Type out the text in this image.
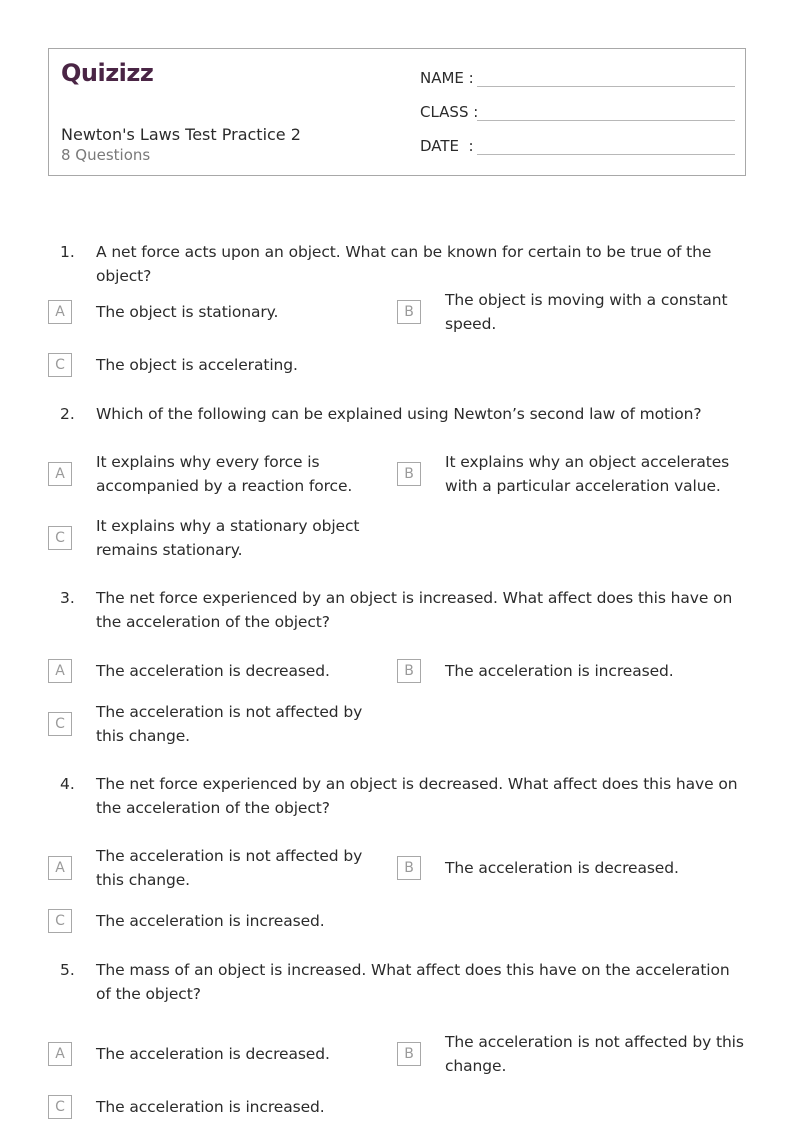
Quizizz
Newton's Laws Test Practice 2
8 Questions
NAME :
CLASS :
DATE  :
1. A net force acts upon an object. What can be known for certain to be true of the object?
A	The object is stationary.	B
The object is moving with a constant speed.
C	The object is accelerating.
2. Which of the following can be explained using Newton’s second law of motion?
A
It explains why every force is accompanied by a reaction force.
B
It explains why an object accelerates with a particular acceleration value.
C
It explains why a stationary object remains stationary.
3. The net force experienced by an object is increased. What affect does this have on the acceleration of the object?
A	The acceleration is decreased.	B	The acceleration is increased.
C
The acceleration is not affected by this change.
4. The net force experienced by an object is decreased. What affect does this have on the acceleration of the object?
A
The acceleration is not affected by this change.
B	The acceleration is decreased.
C	The acceleration is increased.
5. The mass of an object is increased. What affect does this have on the acceleration of the object?
A	The acceleration is decreased.	B
The acceleration is not affected by this change.
C	The acceleration is increased.
